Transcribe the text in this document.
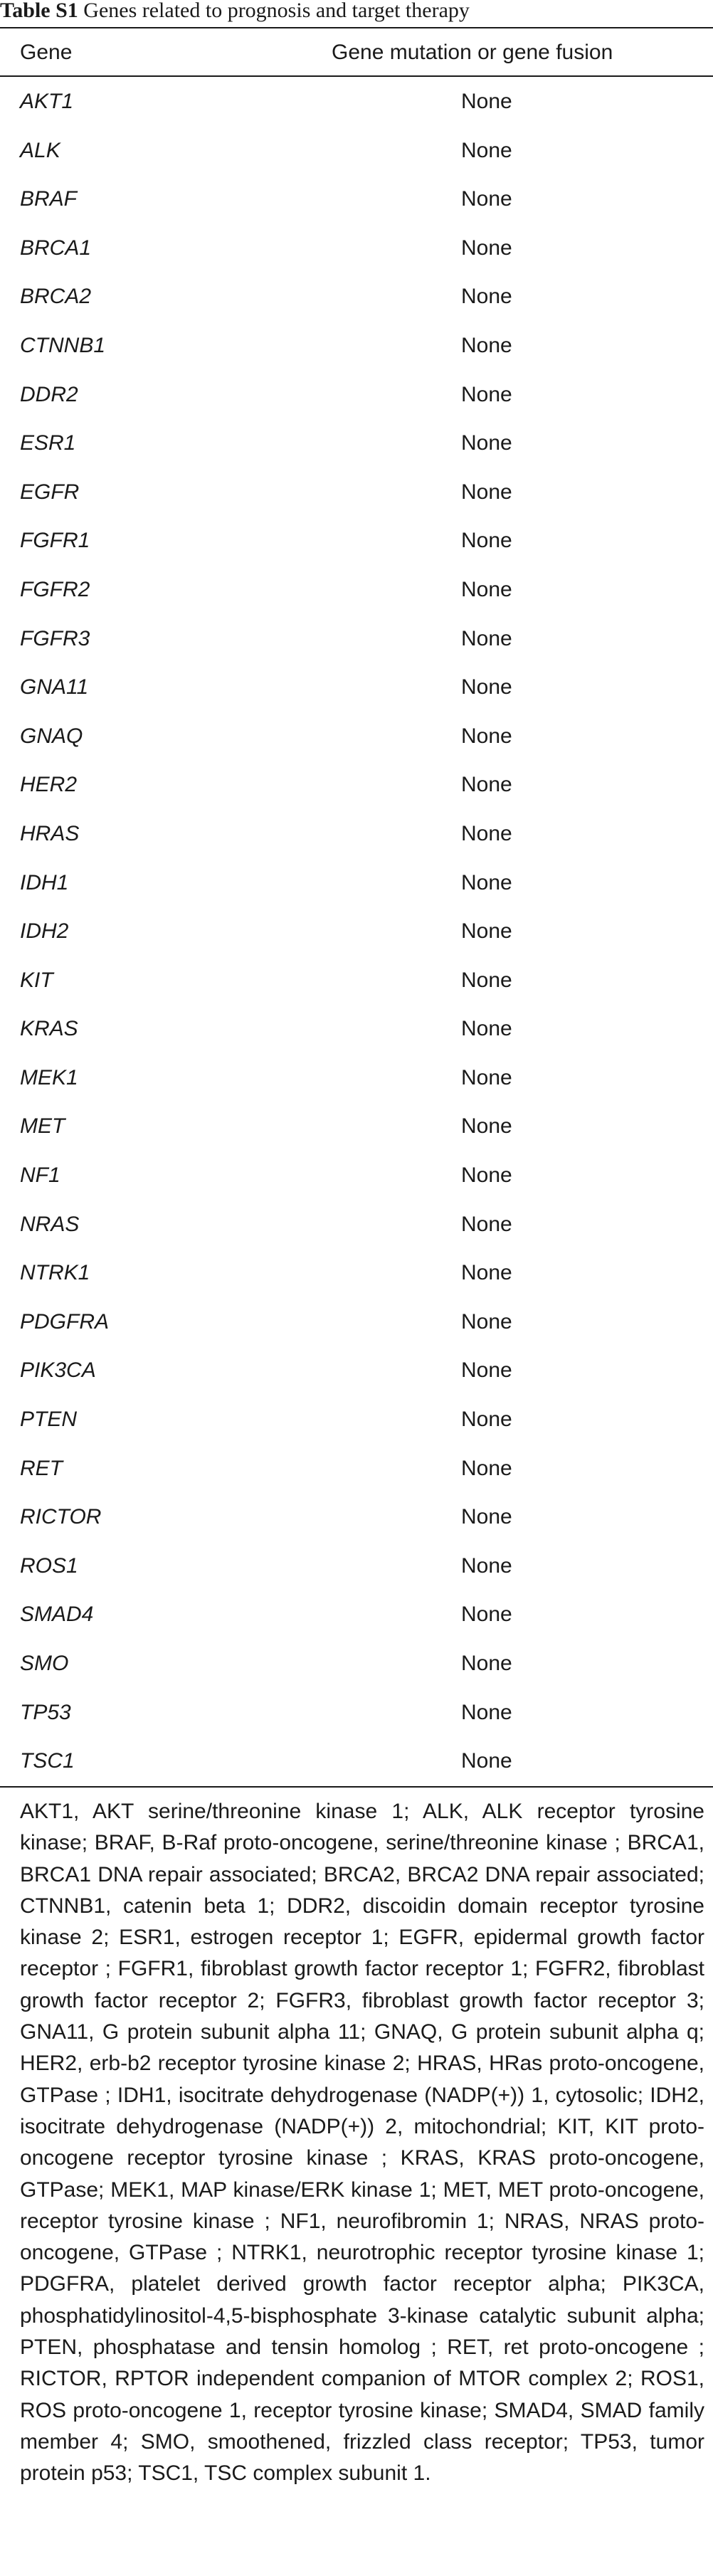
Table S1 Genes related to prognosis and target therapy
Gene	Gene mutation or gene fusion
AKT1	None
ALK	None
BRAF	None
BRCA1	None
BRCA2	None
CTNNB1	None
DDR2	None
ESR1	None
EGFR	None
FGFR1	None
FGFR2	None
FGFR3	None
GNA11	None
GNAQ	None
HER2	None
HRAS	None
IDH1	None
IDH2	None
KIT	None
KRAS	None
MEK1	None
MET	None
NF1	None
NRAS	None
NTRK1	None
PDGFRA	None
PIK3CA	None
PTEN	None
RET	None
RICTOR	None
ROS1	None
SMAD4	None
SMO	None
TP53	None
TSC1	None
AKT1, AKT serine/threonine kinase 1; ALK, ALK receptor tyrosine kinase; BRAF, B-Raf proto-oncogene, serine/threonine kinase ; BRCA1, BRCA1 DNA repair associated; BRCA2, BRCA2 DNA repair associated; CTNNB1, catenin beta 1; DDR2, discoidin domain receptor tyrosine kinase 2; ESR1, estrogen receptor 1; EGFR, epidermal growth factor receptor ; FGFR1, fibroblast growth factor receptor 1; FGFR2, fibroblast growth factor receptor 2; FGFR3, fibroblast growth factor receptor 3; GNA11, G protein subunit alpha 11; GNAQ, G protein subunit alpha q; HER2, erb-b2 receptor tyrosine kinase 2; HRAS, HRas proto-oncogene, GTPase ; IDH1, isocitrate dehydrogenase (NADP(+)) 1, cytosolic; IDH2, isocitrate dehydrogenase (NADP(+)) 2, mitochondrial; KIT, KIT proto-oncogene receptor tyrosine kinase ; KRAS, KRAS proto-oncogene, GTPase; MEK1, MAP kinase/ERK kinase 1; MET, MET proto-oncogene, receptor tyrosine kinase ; NF1, neurofibromin 1; NRAS, NRAS proto-oncogene, GTPase ; NTRK1, neurotrophic receptor tyrosine kinase 1; PDGFRA, platelet derived growth factor receptor alpha; PIK3CA, phosphatidylinositol-4,5-bisphosphate 3-kinase catalytic subunit alpha; PTEN, phosphatase and tensin homolog ; RET, ret proto-oncogene ; RICTOR, RPTOR independent companion of MTOR complex 2; ROS1, ROS proto-oncogene 1, receptor tyrosine kinase; SMAD4, SMAD family member 4; SMO, smoothened, frizzled class receptor; TP53, tumor protein p53; TSC1, TSC complex subunit 1.
